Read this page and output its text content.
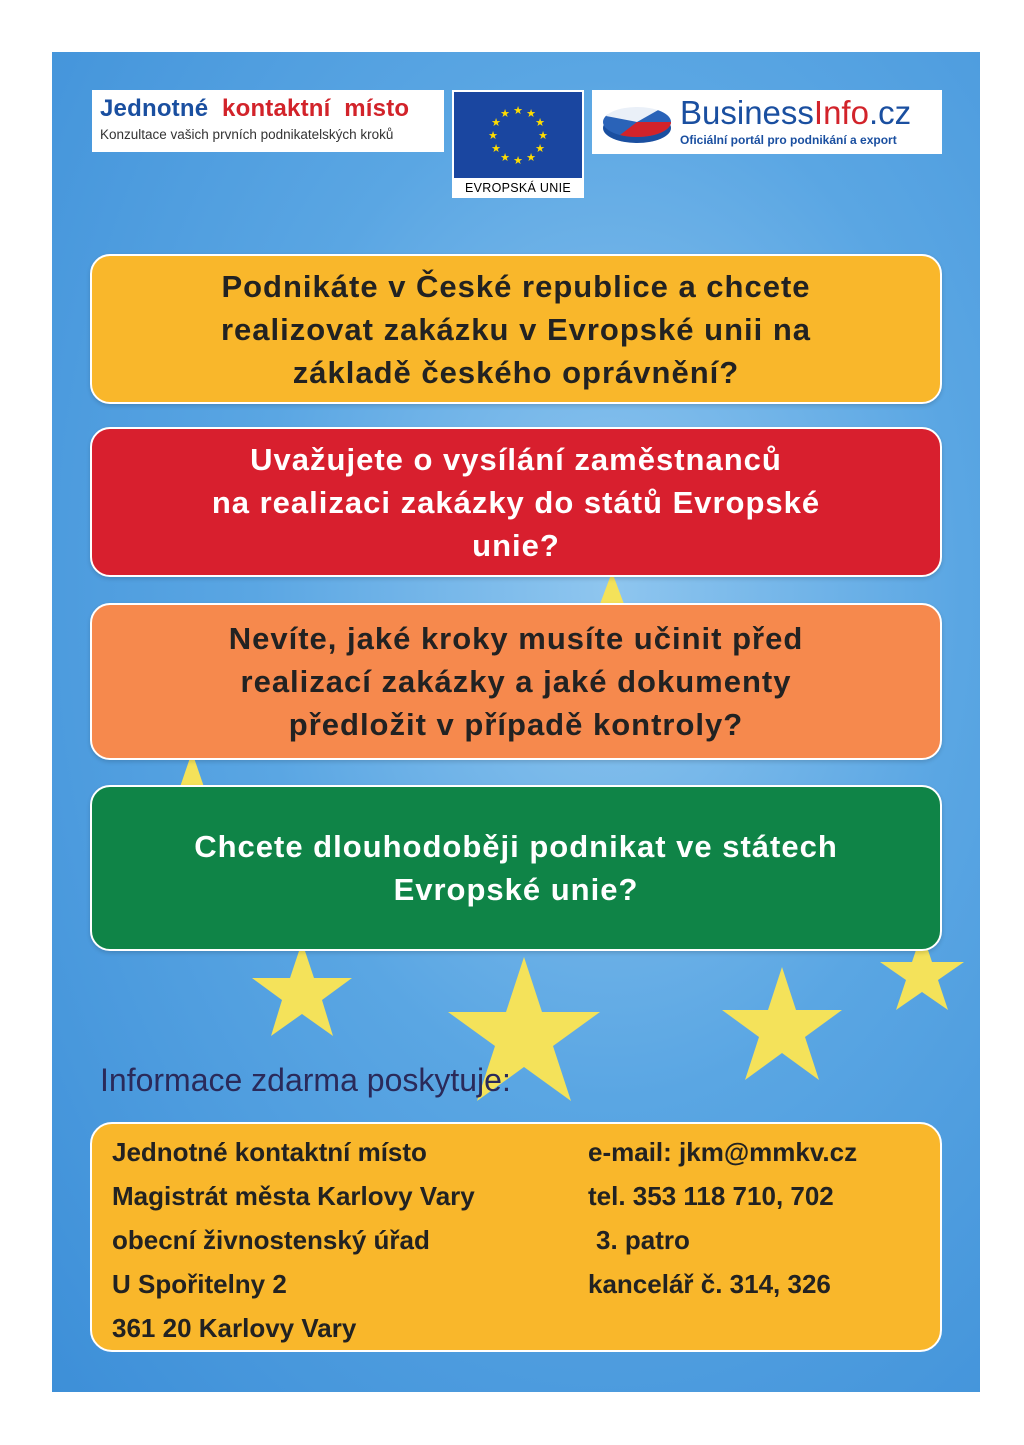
Jednotné kontaktní místo
Konzultace vašich prvních podnikatelských kroků
★ ★
★
★
★
★
★
★
★
★
★
★
EVROPSKÁ UNIE
BusinessInfo.cz
Oficiální portál pro podnikání a export
Podnikáte v České republice a chcete
realizovat zakázku v Evropské unii na
základě českého oprávnění?
Uvažujete o vysílání zaměstnanců
na realizaci zakázky do států Evropské
unie?
Nevíte, jaké kroky musíte učinit před
realizací zakázky a jaké dokumenty
předložit v případě kontroly?
Chcete dlouhodoběji podnikat ve státech
Evropské unie?
Informace zdarma poskytuje:
Jednotné kontaktní místo
Magistrát města Karlovy Vary
obecní živnostenský úřad
U Spořitelny 2
361 20 Karlovy Vary
e-mail: jkm@mmkv.cz
tel. 353 118 710, 702
3. patro
kancelář č. 314, 326
